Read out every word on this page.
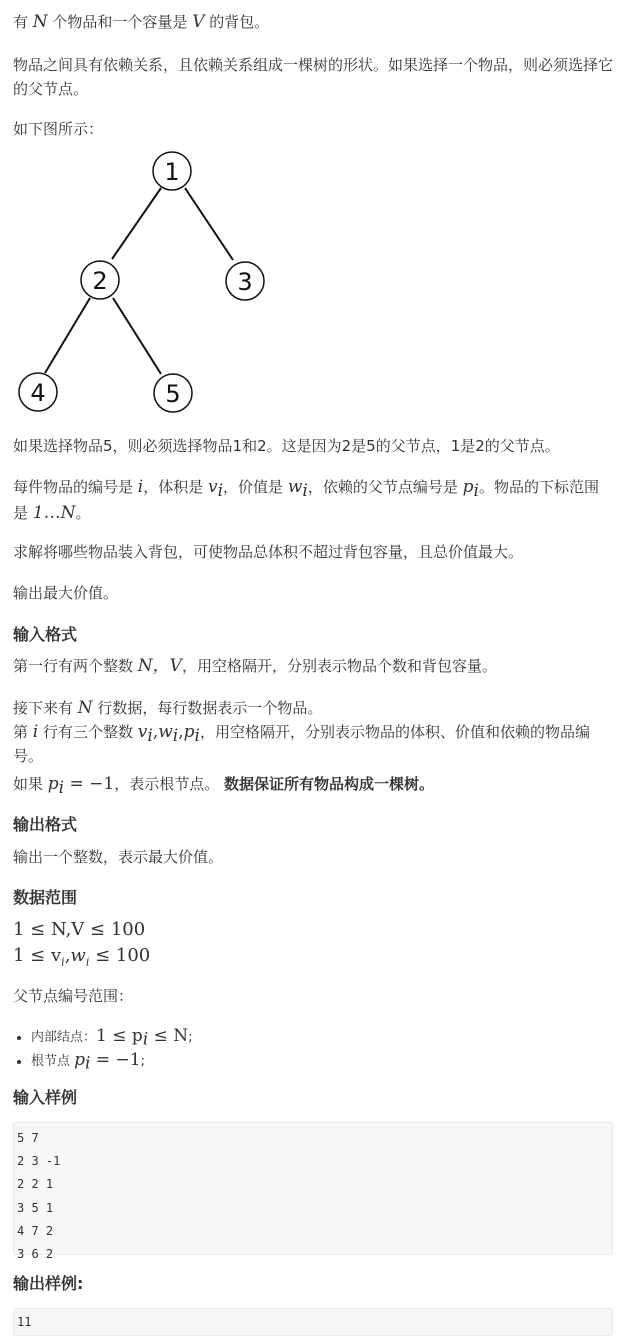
有 N 个物品和一个容量是 V 的背包。

物品之间具有依赖关系，且依赖关系组成一棵树的形状。如果选择一个物品，则必须选择它的父节点。

如下图所示：

1
2	3
4	5

如果选择物品5，则必须选择物品1和2。这是因为2是5的父节点，1是2的父节点。

每件物品的编号是 i，体积是 $v_i$，价值是 $w_i$，依赖的父节点编号是 $p_i$。物品的下标范围是 1…N。

求解将哪些物品装入背包，可使物品总体积不超过背包容量，且总价值最大。

输出最大价值。

输入格式

第一行有两个整数 N，V，用空格隔开，分别表示物品个数和背包容量。

接下来有 N 行数据，每行数据表示一个物品。

第 i 行有三个整数 $v_i,w_i,p_i$，用空格隔开，分别表示物品的体积、价值和依赖的物品编号。

如果 $p_i = -1$，表示根节点。 数据保证所有物品构成一棵树。

输出格式

输出一个整数，表示最大价值。

数据范围
1 ≤ N,V ≤ 100
$1 \le v_i,w_i \le 100$

父节点编号范围：

• 内部结点：$1 \le p_i \le N$;
• 根节点 $p_i = -1$;
输入样例
5 7
2 3 -1
2 2 1
3 5 1
4 7 2
3 6 2
输出样例:
11
